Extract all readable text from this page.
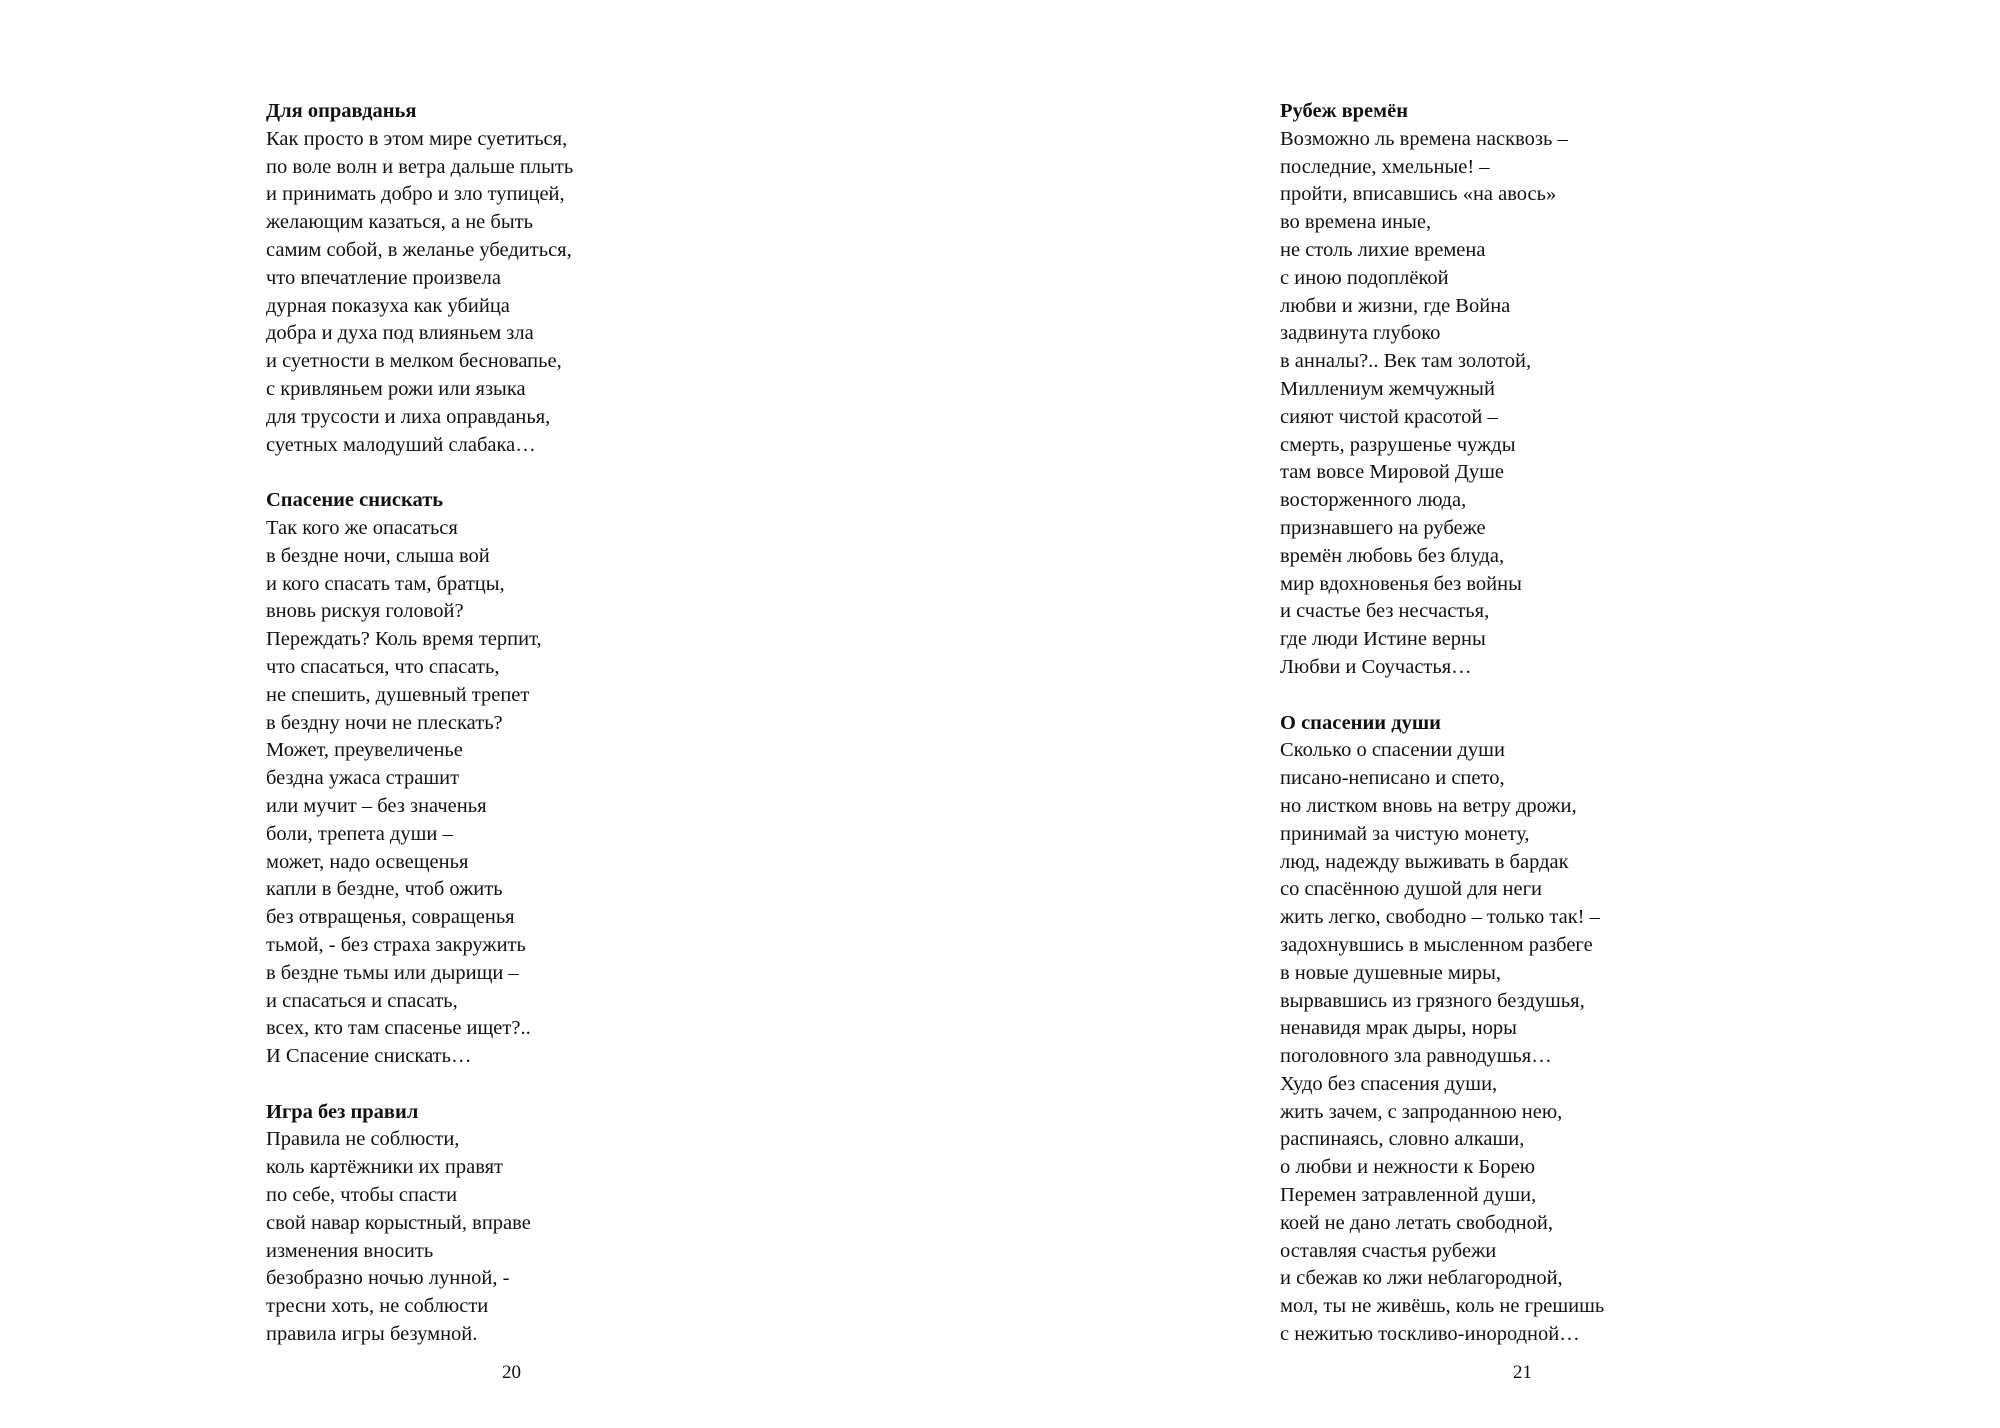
Для оправданья
Как просто в этом мире суетиться,
по воле волн и ветра дальше плыть
и принимать добро и зло тупицей,
желающим казаться, а не быть
самим собой, в желанье убедиться,
что впечатление произвела
дурная показуха как убийца
добра и духа под влияньем зла
и суетности в мелком бесновапье,
с кривляньем рожи или языка
для трусости и лиха оправданья,
суетных малодуший слабака…
Спасение снискать
Так кого же опасаться
в бездне ночи, слыша вой
и кого спасать там, братцы,
вновь рискуя головой?
Переждать? Коль время терпит,
что спасаться, что спасать,
не спешить, душевный трепет
в бездну ночи не плескать?
Может, преувеличенье
бездна ужаса страшит
или мучит – без значенья
боли, трепета души –
может, надо освещенья
капли в бездне, чтоб ожить
без отвращенья, совращенья
тьмой, - без страха закружить
в бездне тьмы или дырищи –
и спасаться и спасать,
всех, кто там спасенье ищет?..
И Спасение снискать…
Игра без правил
Правила не соблюсти,
коль картёжники их правят
по себе, чтобы спасти
свой навар корыстный, вправе
изменения вносить
безобразно ночью лунной, -
тресни хоть, не соблюсти
правила игры безумной.
20
Рубеж времён
Возможно ль времена насквозь –
последние, хмельные! –
пройти, вписавшись «на авось»
во времена иные,
не столь лихие времена
с иною подоплёкой
любви и жизни, где Война
задвинута глубоко
в анналы?.. Век там золотой,
Миллениум жемчужный
сияют чистой красотой –
смерть, разрушенье чужды
там вовсе Мировой Душе
восторженного люда,
признавшего на рубеже
времён любовь без блуда,
мир вдохновенья без войны
и счастье без несчастья,
где люди Истине верны
Любви и Соучастья…
О спасении души
Сколько о спасении души
писано-неписано и спето,
но листком вновь на ветру дрожи,
принимай за чистую монету,
люд, надежду выживать в бардак
со спасённою душой для неги
жить легко, свободно – только так! –
задохнувшись в мысленном разбеге
в новые душевные миры,
вырвавшись из грязного бездушья,
ненавидя мрак дыры, норы
поголовного зла равнодушья…
Худо без спасения души,
жить зачем, с запроданною нею,
распинаясь, словно алкаши,
о любви и нежности к Борею
Перемен затравленной души,
коей не дано летать свободной,
оставляя счастья рубежи
и сбежав ко лжи неблагородной,
мол, ты не живёшь, коль не грешишь
с нежитью тоскливо-инородной…
21
